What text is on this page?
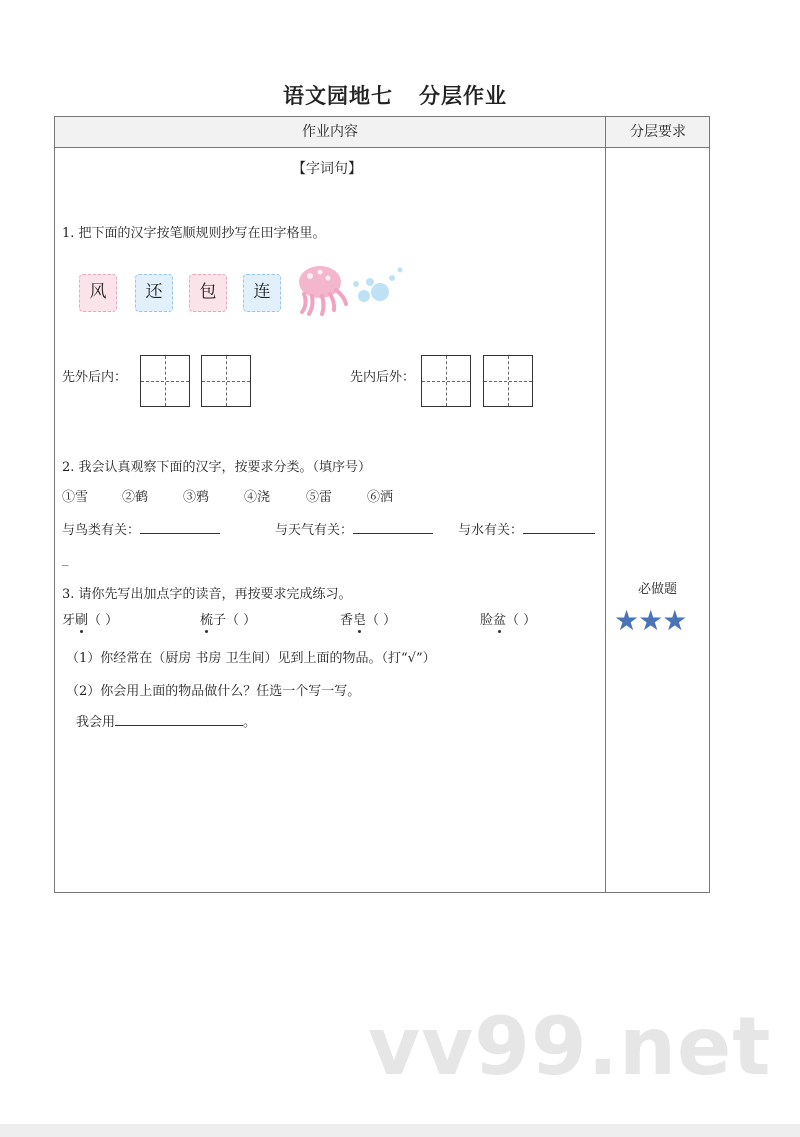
语文园地七 分层作业
作业内容	分层要求
【字词句】
1. 把下面的汉字按笔顺规则抄写在田字格里。
风	还	包	连
先外后内：	先内后外：
2. 我会认真观察下面的汉字，按要求分类。（填序号）
①雪	②鹤	③鸦	④浇	⑤雷	⑥洒
与鸟类有关：	与天气有关：	与水有关：
_
3. 请你先写出加点字的读音，再按要求完成练习。
牙刷（ ）	梳子（ ）	香皂（ ）	脸盆（ ）
（1）你经常在（厨房 书房 卫生间）见到上面的物品。（打“√”）
（2）你会用上面的物品做什么？任选一个写一写。
我会用	。
必做题
★★★
vv99.net
